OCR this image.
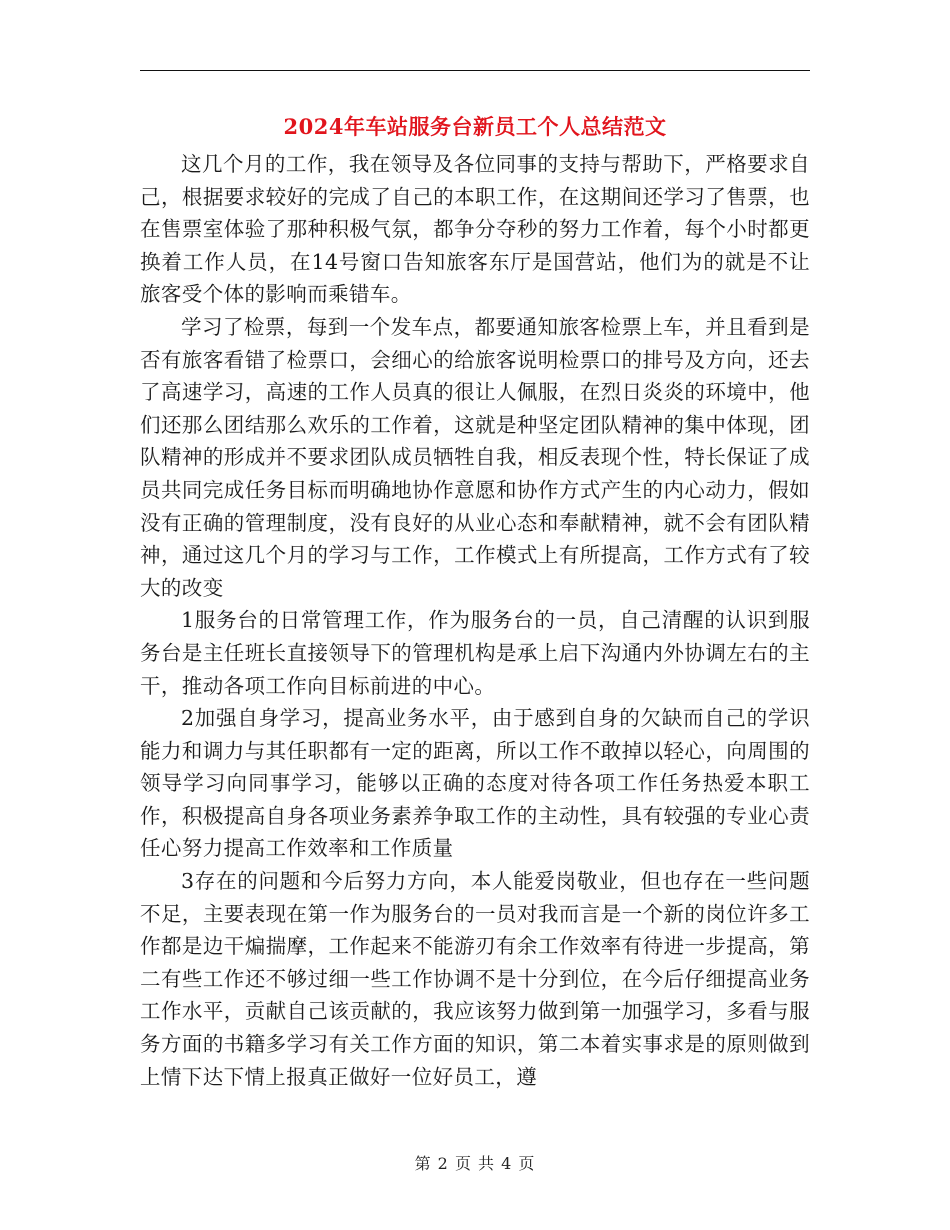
2024年车站服务台新员工个人总结范文

这几个月的工作，我在领导及各位同事的支持与帮助下，严格要求自己，根据要求较好的完成了自己的本职工作，在这期间还学习了售票，也在售票室体验了那种积极气氛，都争分夺秒的努力工作着，每个小时都更换着工作人员，在14号窗口告知旅客东厅是国营站，他们为的就是不让旅客受个体的影响而乘错车。

学习了检票，每到一个发车点，都要通知旅客检票上车，并且看到是否有旅客看错了检票口，会细心的给旅客说明检票口的排号及方向，还去了高速学习，高速的工作人员真的很让人佩服，在烈日炎炎的环境中，他们还那么团结那么欢乐的工作着，这就是种坚定团队精神的集中体现，团队精神的形成并不要求团队成员牺牲自我，相反表现个性，特长保证了成员共同完成任务目标而明确地协作意愿和协作方式产生的内心动力，假如没有正确的管理制度，没有良好的从业心态和奉献精神，就不会有团队精神，通过这几个月的学习与工作，工作模式上有所提高，工作方式有了较大的改变

1服务台的日常管理工作，作为服务台的一员，自己清醒的认识到服务台是主任班长直接领导下的管理机构是承上启下沟通内外协调左右的主干，推动各项工作向目标前进的中心。

2加强自身学习，提高业务水平，由于感到自身的欠缺而自己的学识能力和调力与其任职都有一定的距离，所以工作不敢掉以轻心，向周围的领导学习向同事学习，能够以正确的态度对待各项工作任务热爱本职工作，积极提高自身各项业务素养争取工作的主动性，具有较强的专业心责任心努力提高工作效率和工作质量

3存在的问题和今后努力方向，本人能爱岗敬业，但也存在一些问题不足，主要表现在第一作为服务台的一员对我而言是一个新的岗位许多工作都是边干煸揣摩，工作起来不能游刃有余工作效率有待进一步提高，第二有些工作还不够过细一些工作协调不是十分到位，在今后仔细提高业务工作水平，贡献自己该贡献的，我应该努力做到第一加强学习，多看与服务方面的书籍多学习有关工作方面的知识，第二本着实事求是的原则做到上情下达下情上报真正做好一位好员工，遵

第 2 页 共 4 页
